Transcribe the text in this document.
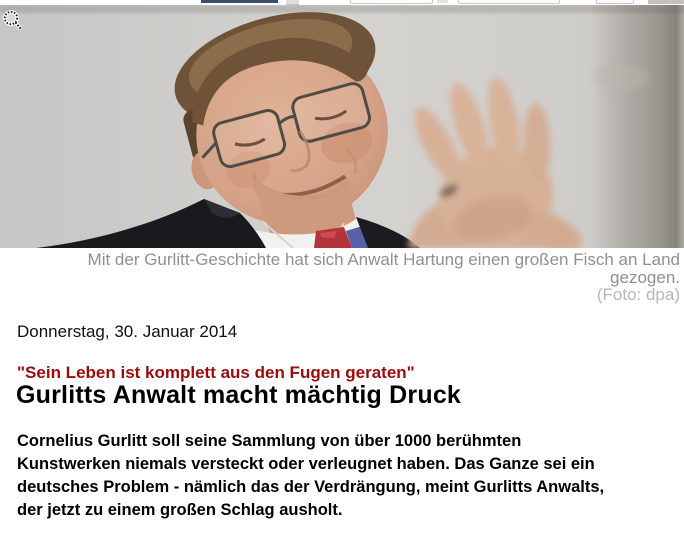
Mit der Gurlitt-Geschichte hat sich Anwalt Hartung einen großen Fisch an Land gezogen.
(Foto: dpa)
Donnerstag, 30. Januar 2014
"Sein Leben ist komplett aus den Fugen geraten"
Gurlitts Anwalt macht mächtig Druck

Cornelius Gurlitt soll seine Sammlung von über 1000 berühmten Kunstwerken niemals versteckt oder verleugnet haben. Das Ganze sei ein deutsches Problem - nämlich das der Verdrängung, meint Gurlitts Anwalts, der jetzt zu einem großen Schlag ausholt.
